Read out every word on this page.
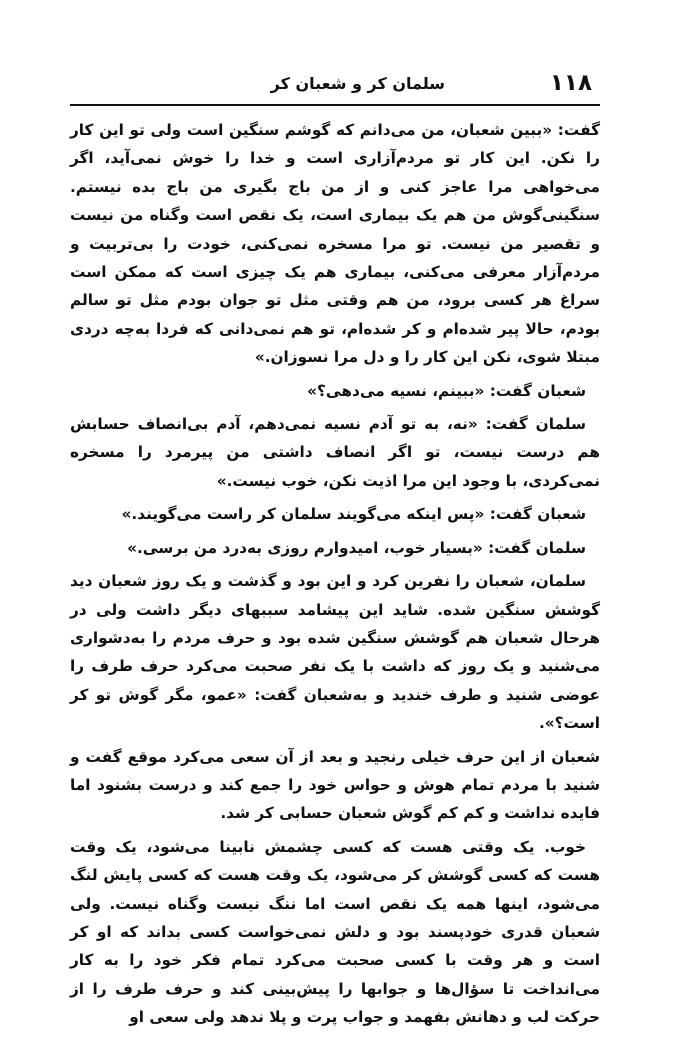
۱۱۸
سلمان کر و شعبان کر

گفت: «ببین شعبان، من می‌دانم که گوشم سنگین است ولی تو این کار را نکن. این کار تو مردم‌آزاری است و خدا را خوش نمی‌آید، اگر می‌خواهی مرا عاجز کنی و از من باج بگیری من باج بده نیستم. سنگینی‌گوش من هم یک بیماری است، یک نقص است وگناه من نیست و تقصیر من نیست. تو مرا مسخره نمی‌کنی، خودت را بی‌تربیت و مردم‌آزار معرفی می‌کنی، بیماری هم یک چیزی است که ممکن است سراغ هر کسی برود، من هم وقتی مثل تو جوان بودم مثل تو سالم بودم، حالا پیر شده‌ام و کر شده‌ام، تو هم نمی‌دانی که فردا به‌چه دردی مبتلا شوی، نکن این کار را و دل مرا نسوزان.»

شعبان گفت: «ببینم، نسیه می‌دهی؟»

سلمان گفت: «نه، به تو آدم نسیه نمی‌دهم، آدم بی‌انصاف حسابش هم درست نیست، تو اگر انصاف داشتی من پیرمرد را مسخره نمی‌کردی، با وجود این مرا اذیت نکن، خوب نیست.»

شعبان گفت: «پس اینکه می‌گویند سلمان کر راست می‌گویند.»

سلمان گفت: «بسیار خوب، امیدوارم روزی به‌درد من برسی.»

سلمان، شعبان را نفرین کرد و این بود و گذشت و یک روز شعبان دید گوشش سنگین شده. شاید این پیشامد سببهای دیگر داشت ولی در هرحال شعبان هم گوشش سنگین شده بود و حرف مردم را به‌دشواری می‌شنید و یک روز که داشت با یک نفر صحبت می‌کرد حرف طرف را عوضی شنید و طرف خندید و به‌شعبان گفت: «عمو، مگر گوش تو کر است؟».

شعبان از این حرف خیلی رنجید و بعد از آن سعی می‌کرد موقع گفت و شنید با مردم تمام هوش و حواس خود را جمع کند و درست بشنود اما فایده نداشت و کم کم گوش شعبان حسابی کر شد.

خوب. یک وقتی هست که کسی چشمش نابینا می‌شود، یک وقت هست که کسی گوشش کر می‌شود، یک وقت هست که کسی پایش لنگ می‌شود، اینها همه یک نقص است اما ننگ نیست وگناه نیست. ولی شعبان قدری خودپسند بود و دلش نمی‌خواست کسی بداند که او کر است و هر وقت با کسی صحبت می‌کرد تمام فکر خود را به کار می‌انداخت تا سؤال‌ها و جوابها را پیش‌بینی کند و حرف طرف را از حرکت لب و دهانش بفهمد و جواب پرت و پلا ندهد ولی سعی او
